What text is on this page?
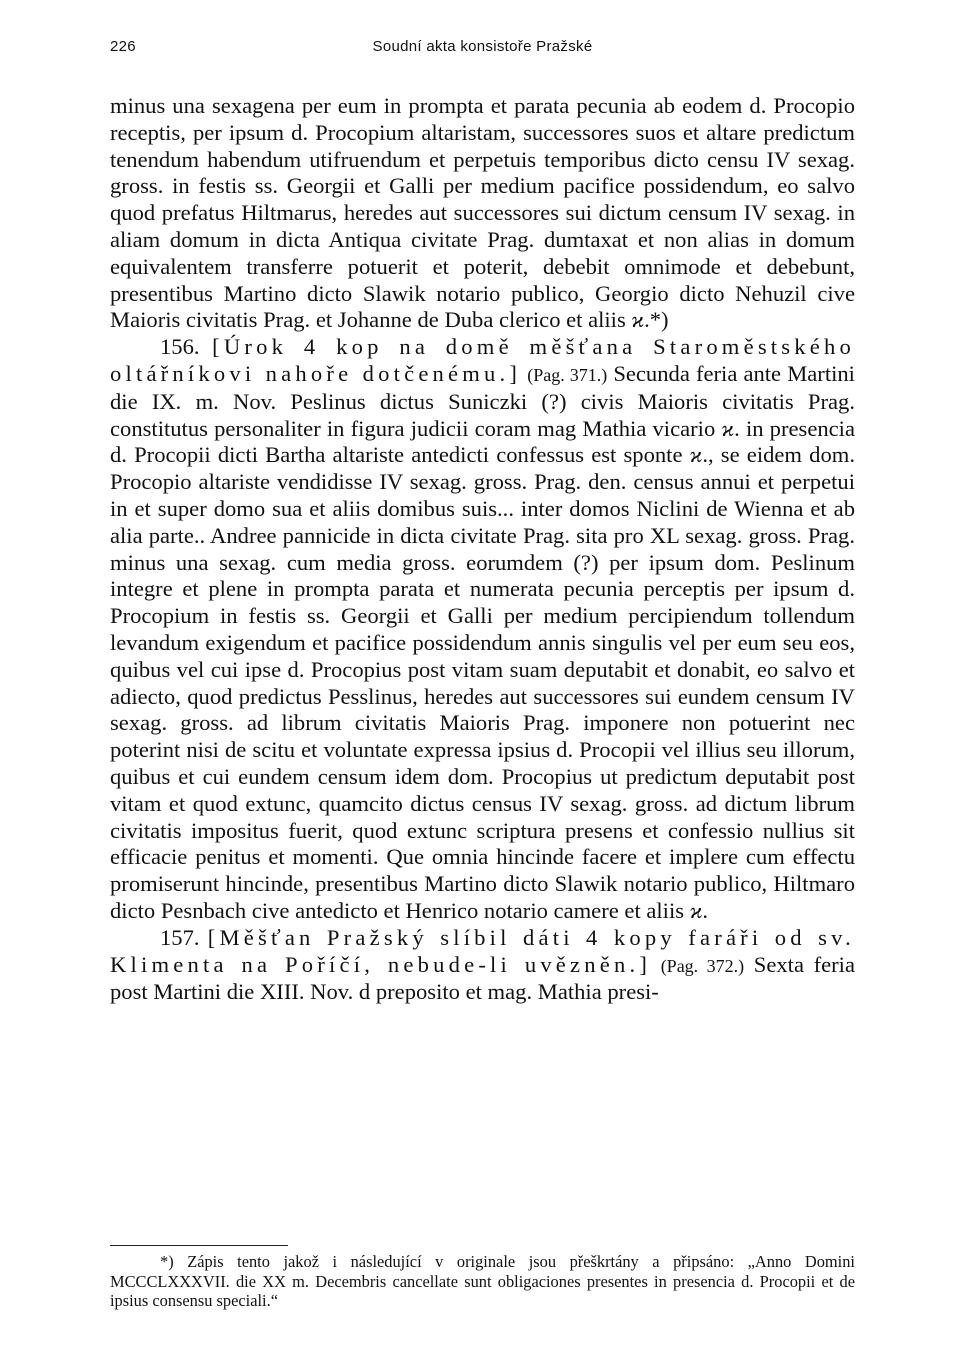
226	Soudní akta konsistoře Pražské

minus una sexagena per eum in prompta et parata pecunia ab eodem d. Procopio receptis, per ipsum d. Procopium altaristam, successores suos et altare predictum tenendum habendum utifruendum et perpetuis temporibus dicto censu IV sexag. gross. in festis ss. Georgii et Galli per medium pacifice possidendum, eo salvo quod prefatus Hiltmarus, heredes aut successores sui dictum censum IV sexag. in aliam domum in dicta Antiqua civitate Prag. dumtaxat et non alias in domum equivalentem transferre potuerit et poterit, debebit omnimode et debebunt, presentibus Martino dicto Slawik notario publico, Georgio dicto Nehuzil cive Maioris civitatis Prag. et Johanne de Duba clerico et aliis ϰ.*)

156. [Úrok 4 kop na domě měšťana Staroměstského oltářníkovi nahoře dotčenému.] (Pag. 371.) Secunda feria ante Martini die IX. m. Nov. Peslinus dictus Suniczki (?) civis Maioris civitatis Prag. constitutus personaliter in figura judicii coram mag Mathia vicario ϰ. in presencia d. Procopii dicti Bartha altariste antedicti confessus est sponte ϰ., se eidem dom. Procopio altariste vendidisse IV sexag. gross. Prag. den. census annui et perpetui in et super domo sua et aliis domibus suis... inter domos Niclini de Wienna et ab alia parte.. Andree pannicide in dicta civitate Prag. sita pro XL sexag. gross. Prag. minus una sexag. cum media gross. eorumdem (?) per ipsum dom. Peslinum integre et plene in prompta parata et numerata pecunia perceptis per ipsum d. Procopium in festis ss. Georgii et Galli per medium percipiendum tollendum levandum exigendum et pacifice possidendum annis singulis vel per eum seu eos, quibus vel cui ipse d. Procopius post vitam suam deputabit et donabit, eo salvo et adiecto, quod predictus Pesslinus, heredes aut successores sui eundem censum IV sexag. gross. ad librum civitatis Maioris Prag. imponere non potuerint nec poterint nisi de scitu et voluntate expressa ipsius d. Procopii vel illius seu illorum, quibus et cui eundem censum idem dom. Procopius ut predictum deputabit post vitam et quod extunc, quamcito dictus census IV sexag. gross. ad dictum librum civitatis impositus fuerit, quod extunc scriptura presens et confessio nullius sit efficacie penitus et momenti. Que omnia hincinde facere et implere cum effectu promiserunt hincinde, presentibus Martino dicto Slawik notario publico, Hiltmaro dicto Pesnbach cive antedicto et Henrico notario camere et aliis ϰ.

157. [Měšťan Pražský slíbil dáti 4 kopy faráři od sv. Klimenta na Poříčí, nebude-li uvězněn.] (Pag. 372.) Sexta feria post Martini die XIII. Nov. d preposito et mag. Mathia presi-

*) Zápis tento jakož i následující v originale jsou přeškrtány a připsáno: „Anno Domini MCCCLXXXVII. die XX m. Decembris cancellate sunt obligaciones presentes in presencia d. Procopii et de ipsius consensu speciali.“
